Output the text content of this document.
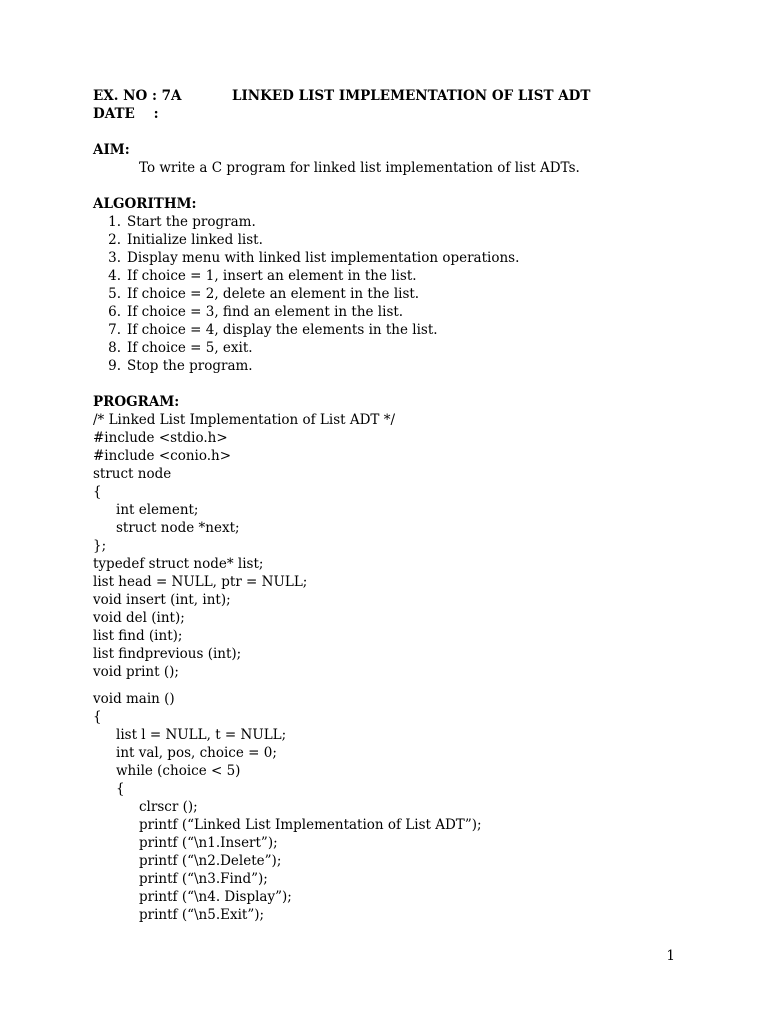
EX. NO : 7A	LINKED LIST IMPLEMENTATION OF LIST ADT
DATE    :
AIM:
To write a C program for linked list implementation of list ADTs.
ALGORITHM:
1. Start the program.
2. Initialize linked list.
3. Display menu with linked list implementation operations.
4. If choice = 1, insert an element in the list.
5. If choice = 2, delete an element in the list.
6. If choice = 3, find an element in the list.
7. If choice = 4, display the elements in the list.
8. If choice = 5, exit.
9. Stop the program.
PROGRAM:
/* Linked List Implementation of List ADT */
#include <stdio.h>
#include <conio.h>
struct node
{
int element;
struct node *next;
};
typedef struct node* list;
list head = NULL, ptr = NULL;
void insert (int, int);
void del (int);
list find (int);
list findprevious (int);
void print ();
void main ()
{
list l = NULL, t = NULL;
int val, pos, choice = 0;
while (choice < 5)
{
clrscr ();
printf (“Linked List Implementation of List ADT”);
printf (“\n1.Insert”);
printf (“\n2.Delete”);
printf (“\n3.Find”);
printf (“\n4. Display”);
printf (“\n5.Exit”);
1
